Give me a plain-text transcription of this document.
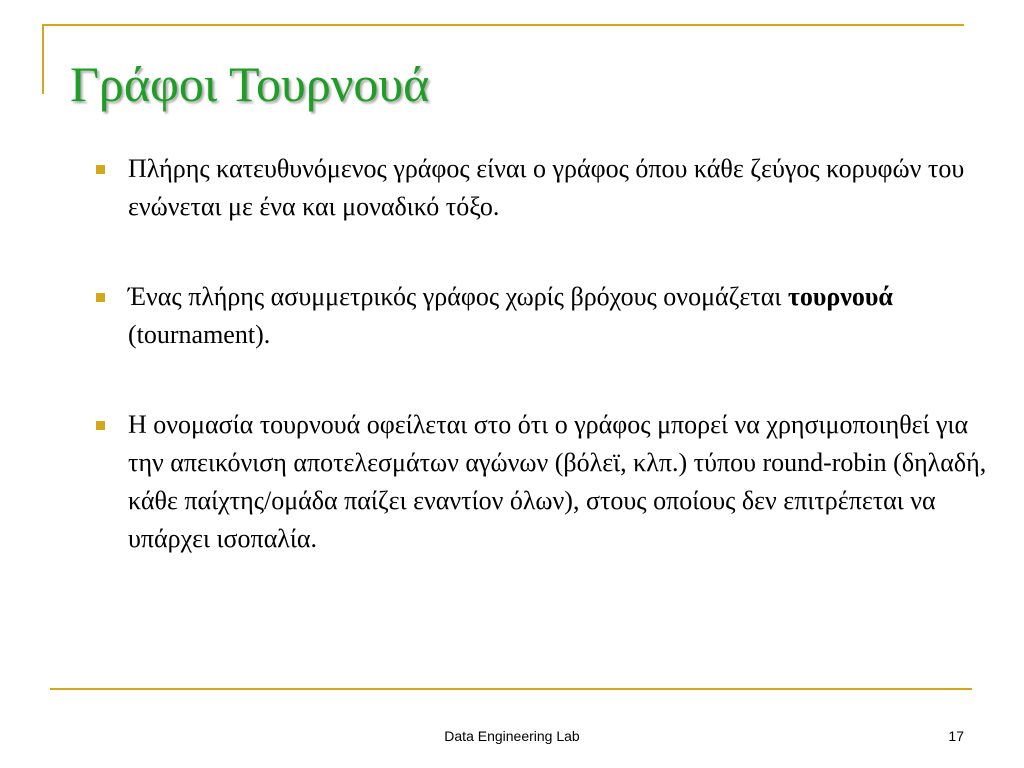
Γράφοι Τουρνουά
Πλήρης κατευθυνόμενος γράφος είναι ο γράφος όπου κάθε ζεύγος κορυφών του ενώνεται με ένα και μοναδικό τόξο.
Ένας πλήρης ασυμμετρικός γράφος χωρίς βρόχους ονομάζεται τουρνουά (tournament).
Η ονομασία τουρνουά οφείλεται στο ότι ο γράφος μπορεί να χρησιμοποιηθεί για την απεικόνιση αποτελεσμάτων αγώνων (βόλεϊ, κλπ.) τύπου round-robin (δηλαδή, κάθε παίχτης/ομάδα παίζει εναντίον όλων), στους οποίους δεν επιτρέπεται να υπάρχει ισοπαλία.
Data Engineering Lab	17
